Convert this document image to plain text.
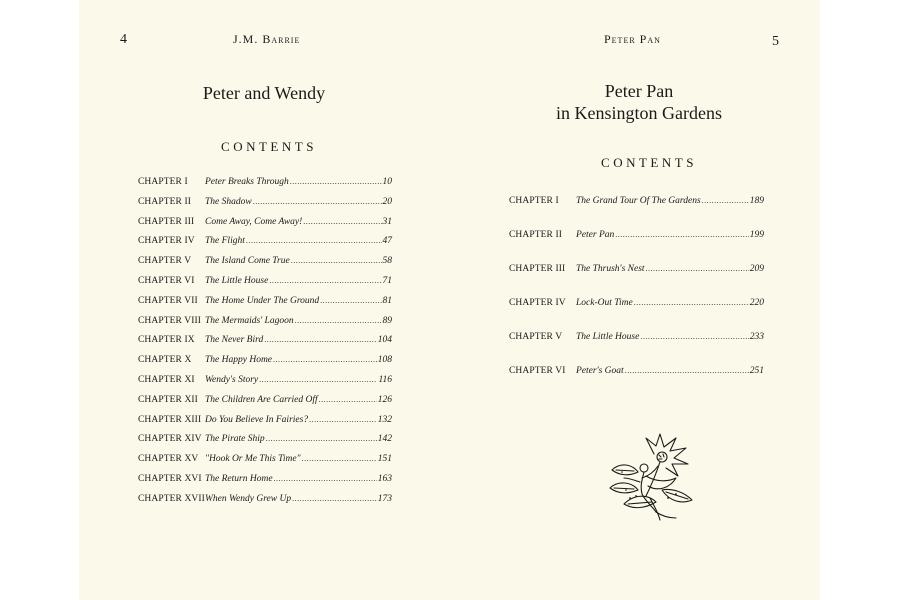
4	J.M. Barrie
Peter and Wendy
CONTENTS
CHAPTER I	Peter Breaks Through .....	10
CHAPTER II	The Shadow .....	20
CHAPTER III	Come Away, Come Away! .....	31
CHAPTER IV	The Flight .....	47
CHAPTER V	The Island Come True .....	58
CHAPTER VI	The Little House .....	71
CHAPTER VII The Home Under The Ground .....	81
CHAPTER VIII The Mermaids' Lagoon .....	89
CHAPTER IX	The Never Bird .....	104
CHAPTER X	The Happy Home .....	108
CHAPTER XI	Wendy's Story .....	116
CHAPTER XII The Children Are Carried Off .....	126
CHAPTER XIII Do You Believe In Fairies? .....	132
CHAPTER XIV The Pirate Ship .....	142
CHAPTER XV "Hook Or Me This Time" .....	151
CHAPTER XVI The Return Home .....	163
CHAPTER XVII When Wendy Grew Up .....	173
Peter Pan	5
Peter Pan
in Kensington Gardens
CONTENTS
CHAPTER I	The Grand Tour Of The Gardens .....	189
CHAPTER II	Peter Pan .....	199
CHAPTER III	The Thrush's Nest .....	209
CHAPTER IV	Lock-Out Time .....	220
CHAPTER V	The Little House .....	233
CHAPTER VI	Peter's Goat .....	251
